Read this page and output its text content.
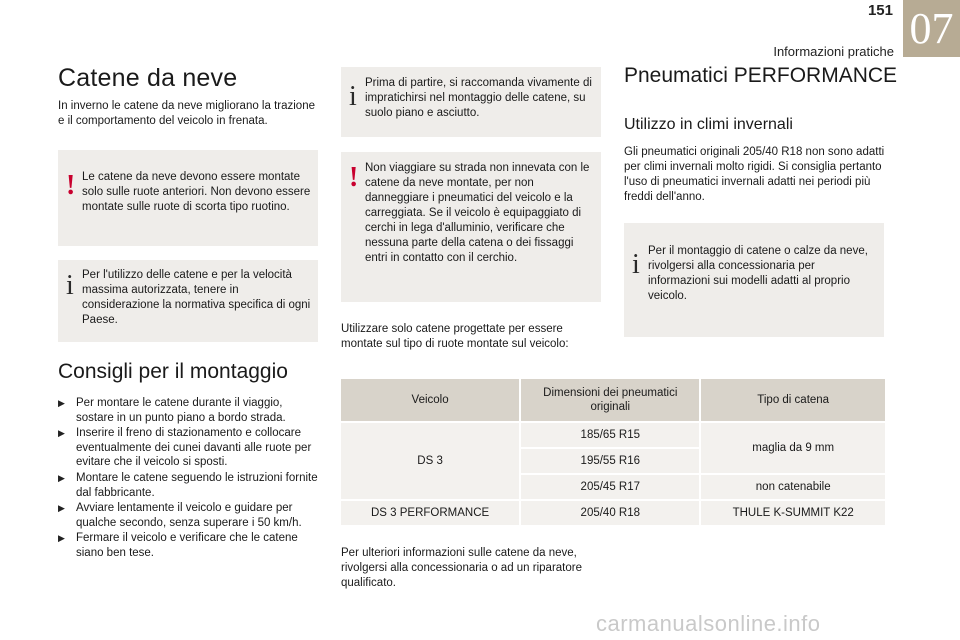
151
Informazioni pratiche 07
Catene da neve
In inverno le catene da neve migliorano la trazione e il comportamento del veicolo in frenata.
! Le catene da neve devono essere montate solo sulle ruote anteriori. Non devono essere montate sulle ruote di scorta tipo ruotino.
i Per l'utilizzo delle catene e per la velocità massima autorizzata, tenere in considerazione la normativa specifica di ogni Paese.
Consigli per il montaggio
▶ Per montare le catene durante il viaggio, sostare in un punto piano a bordo strada.
▶ Inserire il freno di stazionamento e collocare eventualmente dei cunei davanti alle ruote per evitare che il veicolo si sposti.
▶ Montare le catene seguendo le istruzioni fornite dal fabbricante.
▶ Avviare lentamente il veicolo e guidare per qualche secondo, senza superare i 50 km/h.
▶ Fermare il veicolo e verificare che le catene siano ben tese.
i Prima di partire, si raccomanda vivamente di impratichirsi nel montaggio delle catene, su suolo piano e asciutto.
! Non viaggiare su strada non innevata con le catene da neve montate, per non danneggiare i pneumatici del veicolo e la carreggiata. Se il veicolo è equipaggiato di cerchi in lega d'alluminio, verificare che nessuna parte della catena o dei fissaggi entri in contatto con il cerchio.
Utilizzare solo catene progettate per essere montate sul tipo di ruote montate sul veicolo:
Veicolo	Dimensioni dei pneumatici originali	Tipo di catena
DS 3	185/65 R15	maglia da 9 mm
	195/55 R16	
	205/45 R17	non catenabile
DS 3 PERFORMANCE	205/40 R18	THULE K-SUMMIT K22
Per ulteriori informazioni sulle catene da neve, rivolgersi alla concessionaria o ad un riparatore qualificato.
Pneumatici PERFORMANCE
Utilizzo in climi invernali
Gli pneumatici originali 205/40 R18 non sono adatti per climi invernali molto rigidi. Si consiglia pertanto l'uso di pneumatici invernali adatti nei periodi più freddi dell'anno.
i Per il montaggio di catene o calze da neve, rivolgersi alla concessionaria per informazioni sui modelli adatti al proprio veicolo.
carmanualsonline.info
